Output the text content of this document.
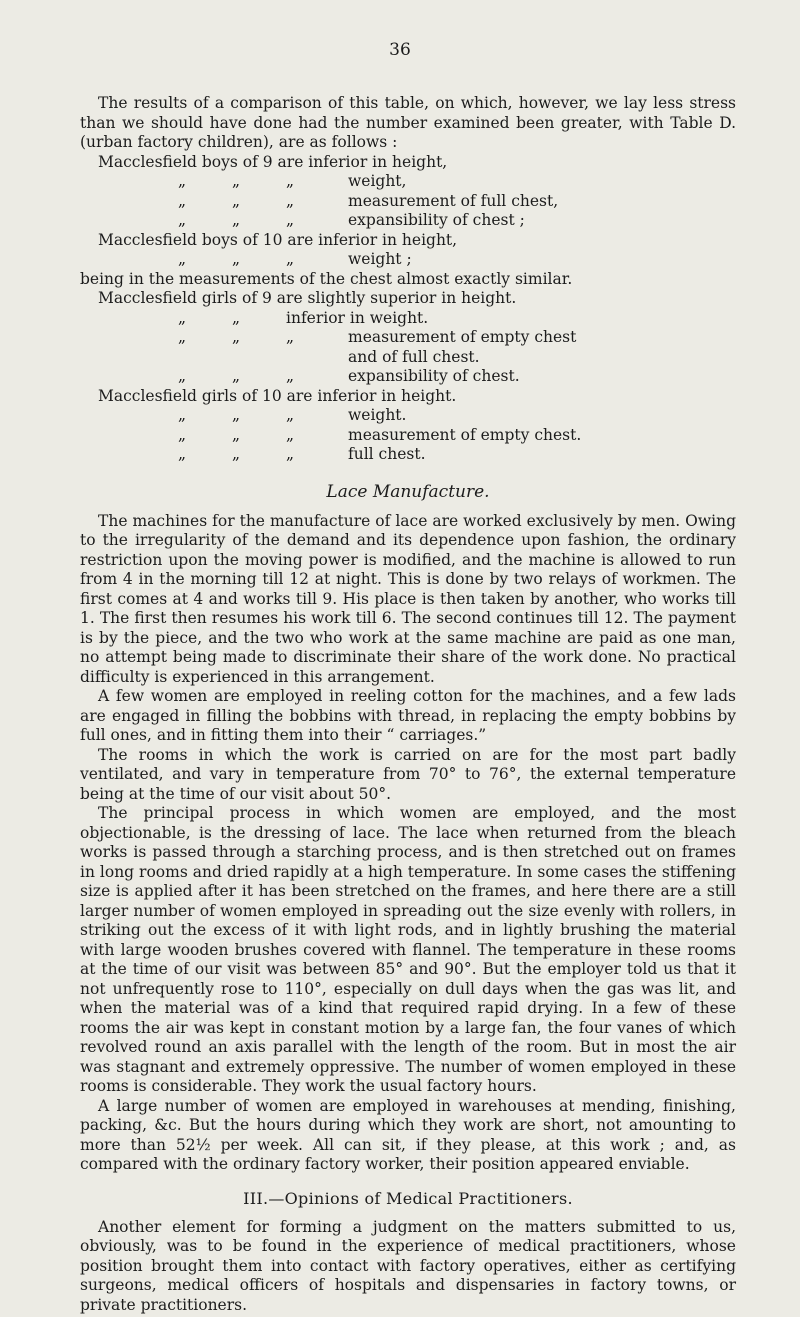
36

The results of a comparison of this table, on which, however, we lay less stress than we should have done had the number examined been greater, with Table D. (urban factory children), are as follows :

Macclesfield boys of 9 are inferior in height,
„	„	„	weight,
„	„	„	measurement of full chest,
„	„	„	expansibility of chest ;
Macclesfield boys of 10 are inferior in height,
„	„	„	weight ;
being in the measurements of the chest almost exactly similar.
Macclesfield girls of 9 are slightly superior in height.
„	„	inferior in weight.
„	„	„	measurement of empty chest
and of full chest.
„	„	„	expansibility of chest.
Macclesfield girls of 10 are inferior in height.
„	„	„	weight.
„	„	„	measurement of empty chest.
„	„	„	full chest.
Lace Manufacture.

The machines for the manufacture of lace are worked exclusively by men. Owing to the irregularity of the demand and its dependence upon fashion, the ordinary restriction upon the moving power is modified, and the machine is allowed to run from 4 in the morning till 12 at night. This is done by two relays of workmen. The first comes at 4 and works till 9. His place is then taken by another, who works till 1. The first then resumes his work till 6. The second continues till 12. The payment is by the piece, and the two who work at the same machine are paid as one man, no attempt being made to discriminate their share of the work done. No practical difficulty is experienced in this arrangement.

A few women are employed in reeling cotton for the machines, and a few lads are engaged in filling the bobbins with thread, in replacing the empty bobbins by full ones, and in fitting them into their “ carriages.”

The rooms in which the work is carried on are for the most part badly ventilated, and vary in temperature from 70° to 76°, the external temperature being at the time of our visit about 50°.

The principal process in which women are employed, and the most objectionable, is the dressing of lace. The lace when returned from the bleach works is passed through a starching process, and is then stretched out on frames in long rooms and dried rapidly at a high temperature. In some cases the stiffening size is applied after it has been stretched on the frames, and here there are a still larger number of women employed in spreading out the size evenly with rollers, in striking out the excess of it with light rods, and in lightly brushing the material with large wooden brushes covered with flannel. The temperature in these rooms at the time of our visit was between 85° and 90°. But the employer told us that it not unfrequently rose to 110°, especially on dull days when the gas was lit, and when the material was of a kind that required rapid drying. In a few of these rooms the air was kept in constant motion by a large fan, the four vanes of which revolved round an axis parallel with the length of the room. But in most the air was stagnant and extremely oppressive. The number of women employed in these rooms is considerable. They work the usual factory hours.

A large number of women are employed in warehouses at mending, finishing, packing, &c. But the hours during which they work are short, not amounting to more than 52½ per week. All can sit, if they please, at this work ; and, as compared with the ordinary factory worker, their position appeared enviable.

III.—Opinions of Medical Practitioners.

Another element for forming a judgment on the matters submitted to us, obviously, was to be found in the experience of medical practitioners, whose position brought them into contact with factory operatives, either as certifying surgeons, medical officers of hospitals and dispensaries in factory towns, or private practitioners.
